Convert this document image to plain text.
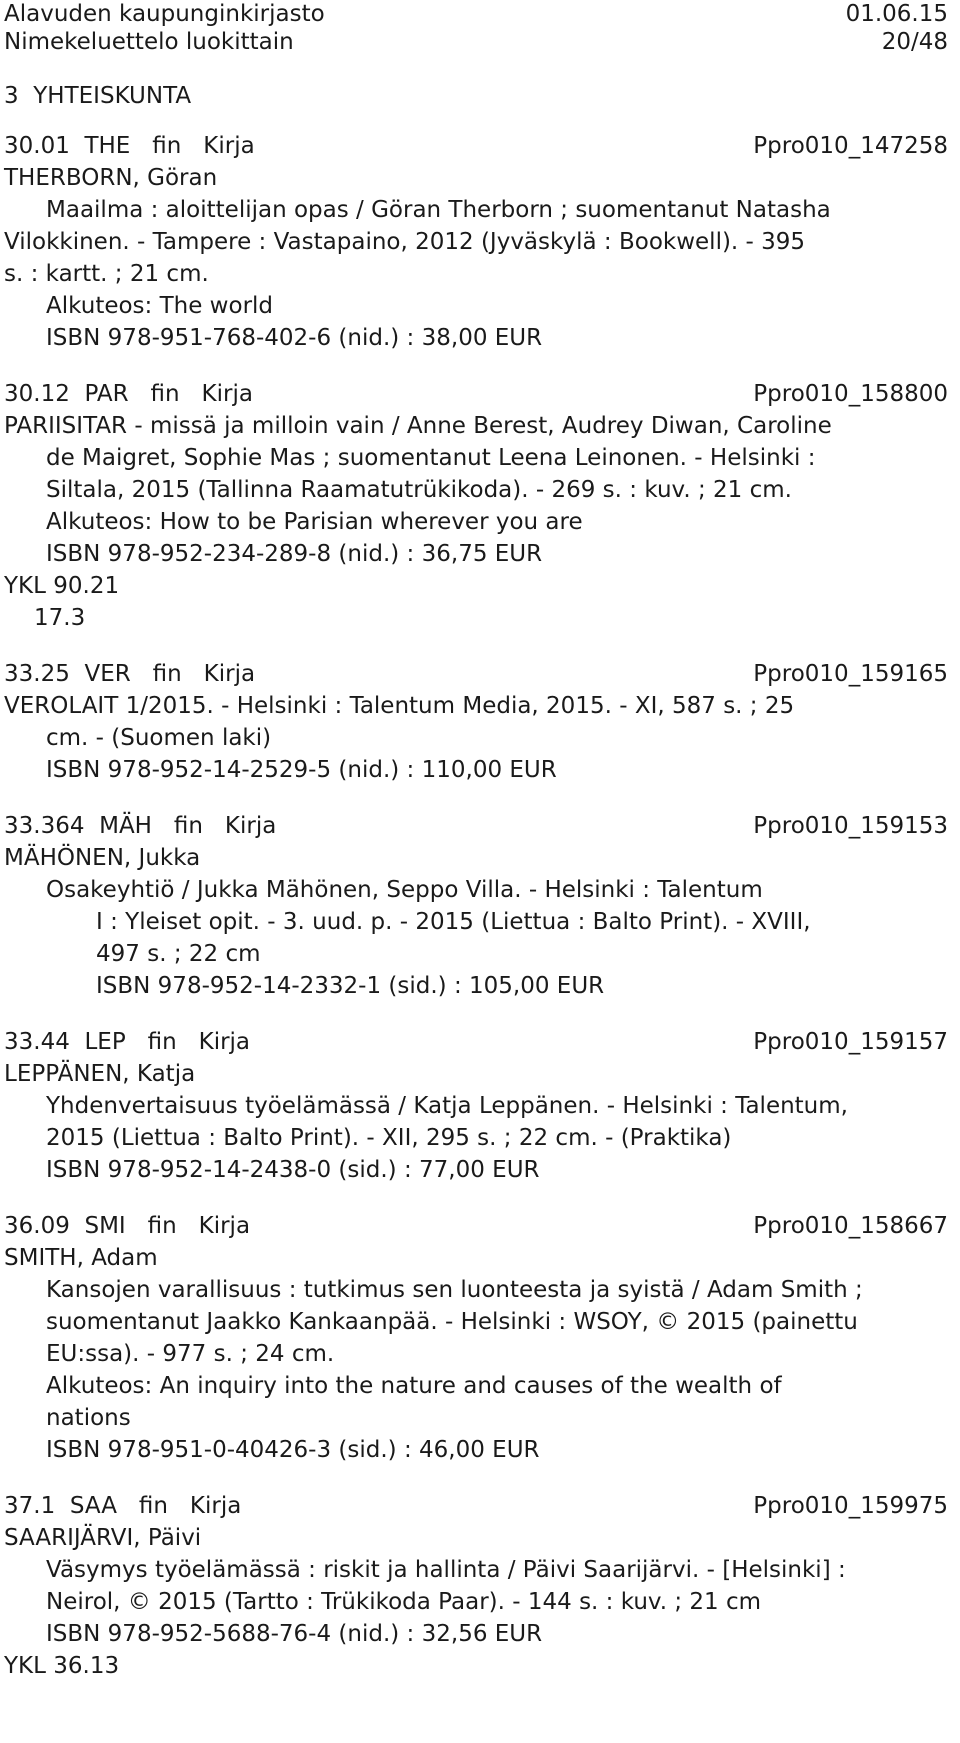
Alavuden kaupunginkirjasto	01.06.15
Nimekeluettelo luokittain	20/48
3  YHTEISKUNTA
30.01  THE   fin   Kirja	Ppro010_147258
THERBORN, Göran
Maailma : aloittelijan opas / Göran Therborn ; suomentanut Natasha
Vilokkinen. - Tampere : Vastapaino, 2012 (Jyväskylä : Bookwell). - 395
s. : kartt. ; 21 cm.
Alkuteos: The world
ISBN 978-951-768-402-6 (nid.) : 38,00 EUR
30.12  PAR   fin   Kirja	Ppro010_158800
PARIISITAR - missä ja milloin vain / Anne Berest, Audrey Diwan, Caroline
de Maigret, Sophie Mas ; suomentanut Leena Leinonen. - Helsinki :
Siltala, 2015 (Tallinna Raamatutrükikoda). - 269 s. : kuv. ; 21 cm.
Alkuteos: How to be Parisian wherever you are
ISBN 978-952-234-289-8 (nid.) : 36,75 EUR
YKL 90.21
17.3
33.25  VER   fin   Kirja	Ppro010_159165
VEROLAIT 1/2015. - Helsinki : Talentum Media, 2015. - XI, 587 s. ; 25
cm. - (Suomen laki)
ISBN 978-952-14-2529-5 (nid.) : 110,00 EUR
33.364  MÄH   fin   Kirja	Ppro010_159153
MÄHÖNEN, Jukka
Osakeyhtiö / Jukka Mähönen, Seppo Villa. - Helsinki : Talentum
I : Yleiset opit. - 3. uud. p. - 2015 (Liettua : Balto Print). - XVIII,
497 s. ; 22 cm
ISBN 978-952-14-2332-1 (sid.) : 105,00 EUR
33.44  LEP   fin   Kirja	Ppro010_159157
LEPPÄNEN, Katja
Yhdenvertaisuus työelämässä / Katja Leppänen. - Helsinki : Talentum,
2015 (Liettua : Balto Print). - XII, 295 s. ; 22 cm. - (Praktika)
ISBN 978-952-14-2438-0 (sid.) : 77,00 EUR
36.09  SMI   fin   Kirja	Ppro010_158667
SMITH, Adam
Kansojen varallisuus : tutkimus sen luonteesta ja syistä / Adam Smith ;
suomentanut Jaakko Kankaanpää. - Helsinki : WSOY, © 2015 (painettu
EU:ssa). - 977 s. ; 24 cm.
Alkuteos: An inquiry into the nature and causes of the wealth of
nations
ISBN 978-951-0-40426-3 (sid.) : 46,00 EUR
37.1  SAA   fin   Kirja	Ppro010_159975
SAARIJÄRVI, Päivi
Väsymys työelämässä : riskit ja hallinta / Päivi Saarijärvi. - [Helsinki] :
Neirol, © 2015 (Tartto : Trükikoda Paar). - 144 s. : kuv. ; 21 cm
ISBN 978-952-5688-76-4 (nid.) : 32,56 EUR
YKL 36.13
